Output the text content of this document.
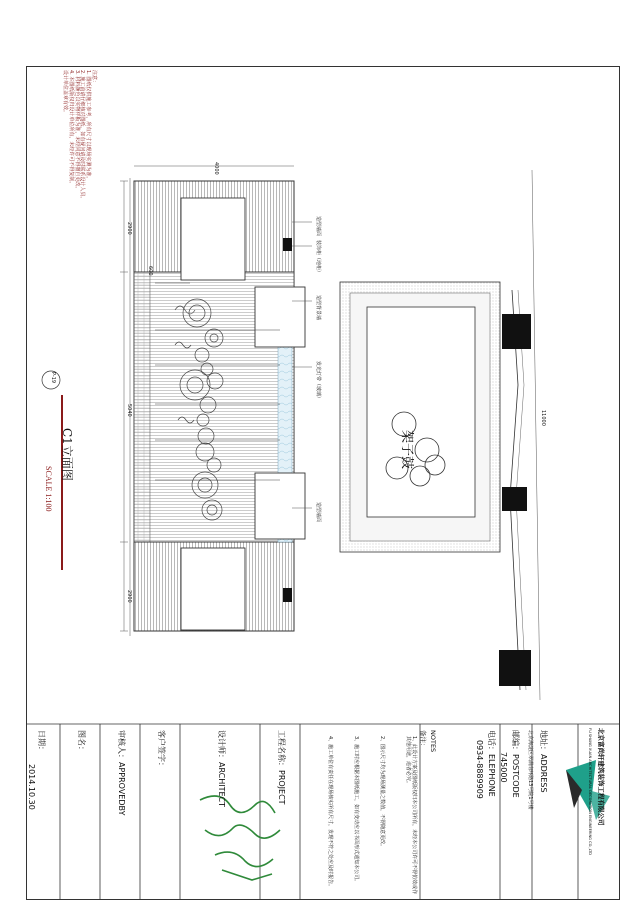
注意：
1. 图纸仅供施工参考，所有尺寸以现场实测为准。
2. 施工前请仔细核对图纸，如有疑问请及时联系设计人员。
3. 材料颜色以实物样板为准，未经同意不得擅自更改。
4. 本图纸版权归设计单位所有，未经许可不得复制。
设计单位盖章有效。
C1立面图
SCALE 1:100
P-19
4000
2900
5040
2900
600
11000
造型墙面
装饰柜（地柜）
造型背景墙
发光灯带（玻璃）
造型墙面
架子鼓
北京富尚轩建筑装饰工程有限公司
FU SHANG XUAN ARCHITECTURAL DECORATION ENGINEERING CO.,LTD
地址：ADDRESS
北京海淀区翠湖南环路13号院1号楼
邮编：POSTCODE
745000
电话：ELEPHONE
0934-8889909
NOTES
备注：
1、此设计方案及图纸版权归本公司所有，未经本公司许可不得仿效或作其他用途，违者必究。
2、图示尺寸均为现场测量之数值，不得随意更改。
3、施工时应根据本图纸施工，如有变动应以书面形式通知本公司。
4、施工单位有责任在现场核实所有尺寸，发现不符之处应及时报告。
工程名称：PROJECT
设计师：ARCHITECT
客户签字：
审核人：APPROVEDBY
图名：
日期：
2014.10.30
